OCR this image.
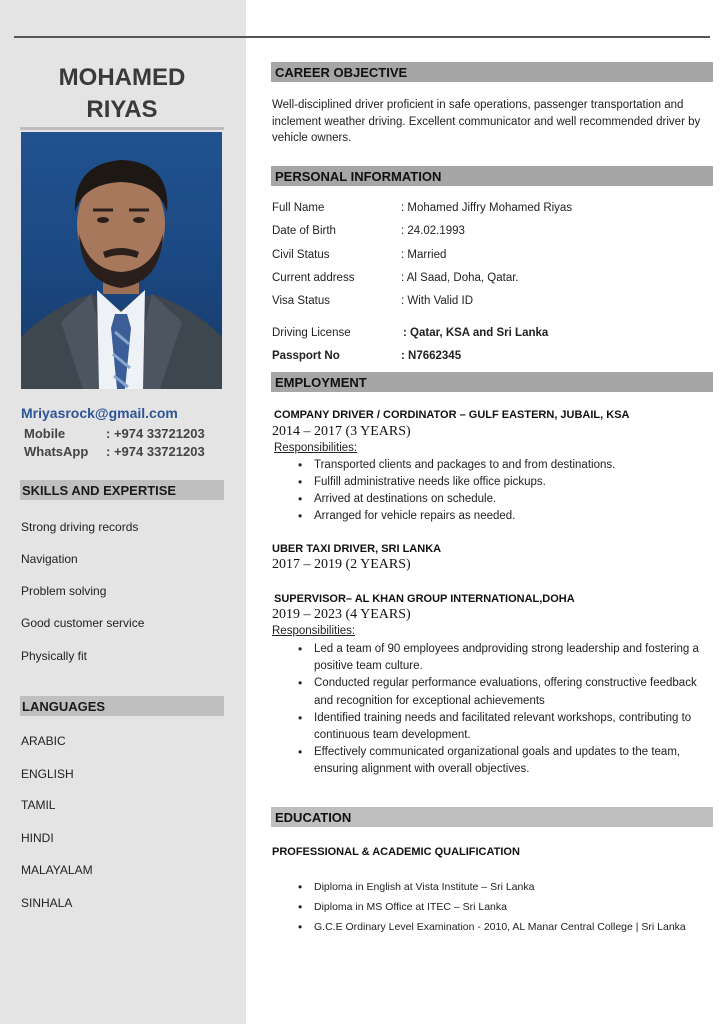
MOHAMED
RIYAS
Mriyasrock@gmail.com
Mobile	: +974 33721203
WhatsApp : +974 33721203
SKILLS AND EXPERTISE
Strong driving records
Navigation
Problem solving
Good customer service
Physically fit
LANGUAGES
ARABIC
ENGLISH
TAMIL
HINDI
MALAYALAM
SINHALA
CAREER OBJECTIVE
Well-disciplined driver proficient in safe operations, passenger transportation and inclement weather driving. Excellent communicator and well recommended driver by vehicle owners.
PERSONAL INFORMATION
Full Name	: Mohamed Jiffry Mohamed Riyas
Date of Birth	: 24.02.1993
Civil Status	: Married
Current address	: Al Saad, Doha, Qatar.
Visa Status	: With Valid ID
Driving License	: Qatar, KSA and Sri Lanka
Passport No	: N7662345
EMPLOYMENT
COMPANY DRIVER / CORDINATOR – GULF EASTERN, JUBAIL, KSA
2014 – 2017 (3 YEARS)
Responsibilities:
• Transported clients and packages to and from destinations.
• Fulfill administrative needs like office pickups.
• Arrived at destinations on schedule.
• Arranged for vehicle repairs as needed.
UBER TAXI DRIVER, SRI LANKA
2017 – 2019 (2 YEARS)
SUPERVISOR– AL KHAN GROUP INTERNATIONAL,DOHA
2019 – 2023 (4 YEARS)
Responsibilities:
• Led a team of 90 employees andproviding strong leadership and fostering a positive team culture.
• Conducted regular performance evaluations, offering constructive feedback and recognition for exceptional achievements
• Identified training needs and facilitated relevant workshops, contributing to continuous team development.
• Effectively communicated organizational goals and updates to the team, ensuring alignment with overall objectives.
EDUCATION
PROFESSIONAL & ACADEMIC QUALIFICATION
• Diploma in English at Vista Institute – Sri Lanka
• Diploma in MS Office at ITEC – Sri Lanka
• G.C.E Ordinary Level Examination - 2010, AL Manar Central College | Sri Lanka
